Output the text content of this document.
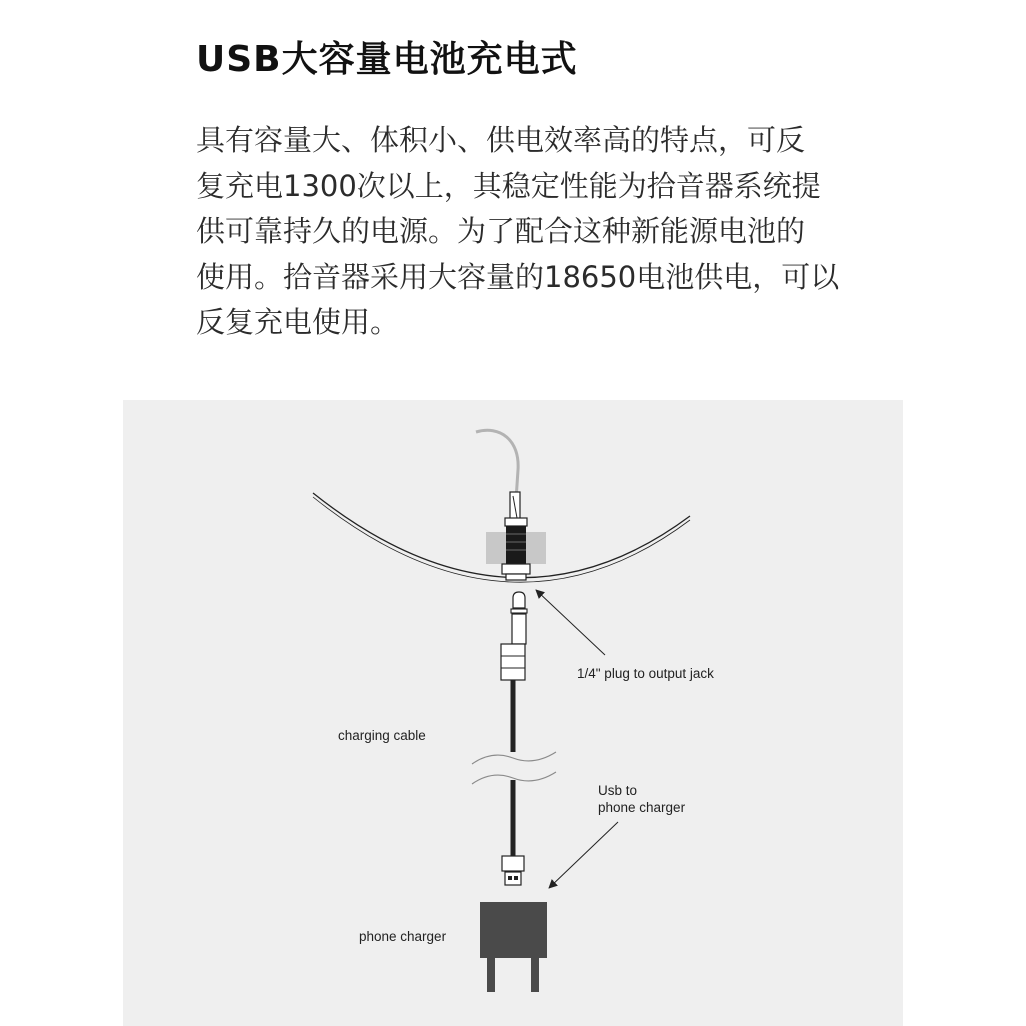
USB大容量电池充电式

具有容量大、体积小、供电效率高的特点，可反

复充电1300次以上，其稳定性能为拾音器系统提

供可靠持久的电源。为了配合这种新能源电池的

使用。拾音器采用大容量的18650电池供电，可以

反复充电使用。

1/4" plug to output jack
charging cable
Usb to
phone charger
phone charger
